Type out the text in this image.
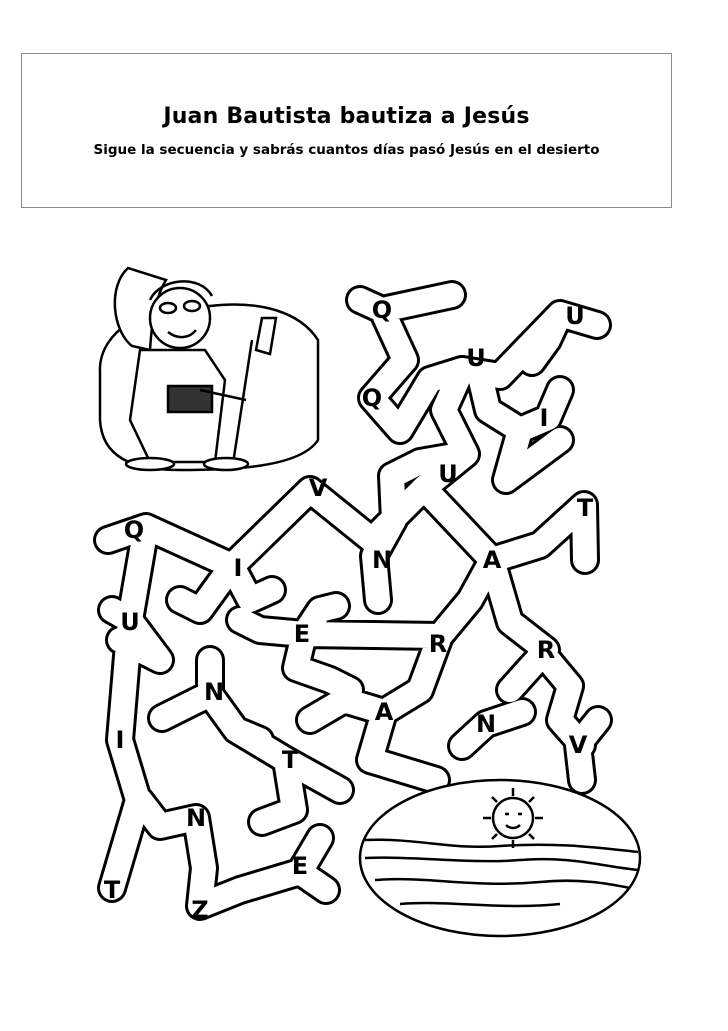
Juan Bautista bautiza a Jesús
Sigue la secuencia y sabrás cuantos días pasó Jesús en el desierto
Q	U
U
Q
I
V	U
T
Q
N	A
I
U	E	R	R
N
A	N
V
I
T
N
E
T
Z
